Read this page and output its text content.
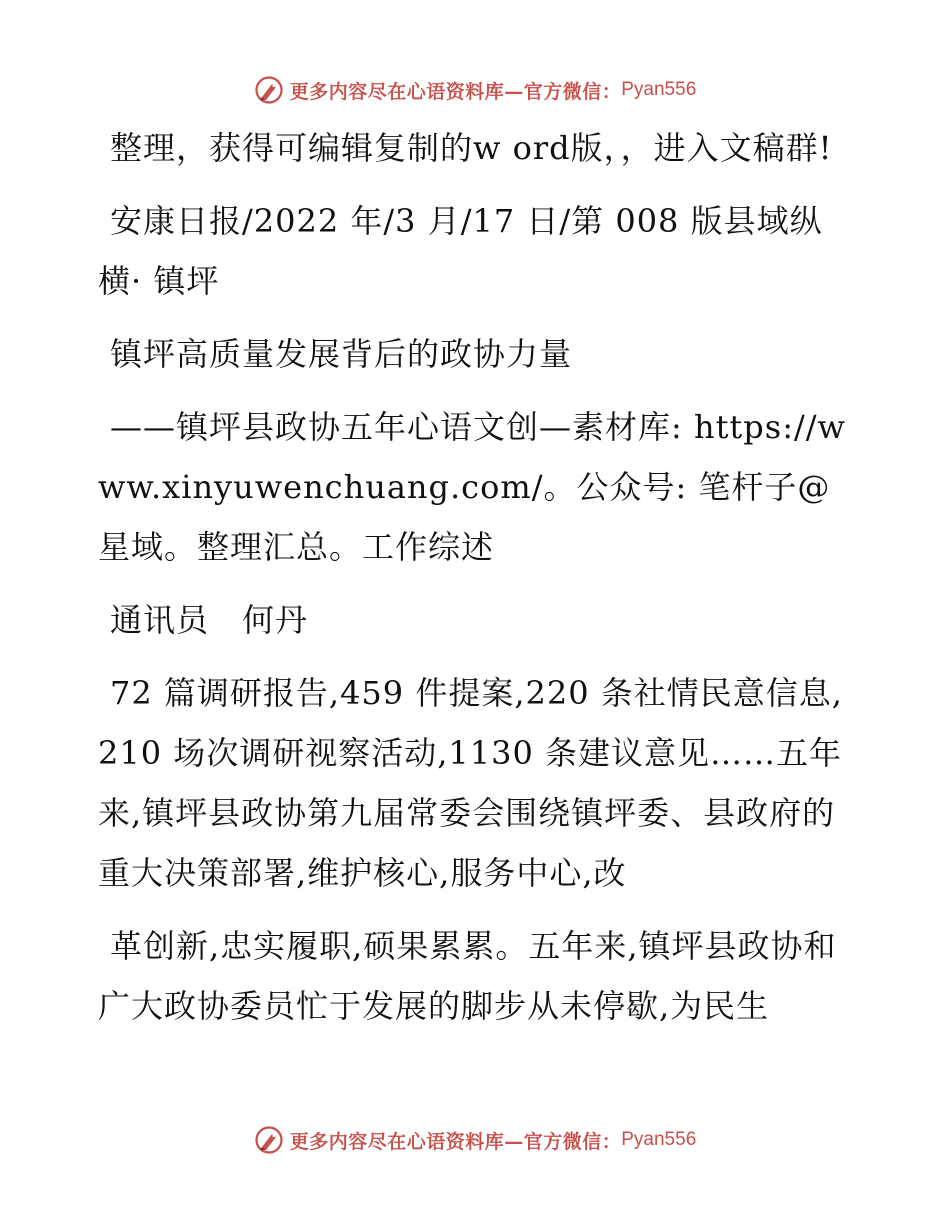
更多内容尽在心语资料库—官方微信： Pyan556

整理，获得可编辑复制的w ord版，，进入文稿群!

安康日报/2022 年/3 月/17 日/第 008 版县域纵横· 镇坪

镇坪高质量发展背后的政协力量

——镇坪县政协五年心语文创—素材库: https://www.xinyuwenchuang.com/。公众号: 笔杆子@星域。整理汇总。工作综述

通讯员　何丹

72 篇调研报告,459 件提案,220 条社情民意信息,210 场次调研视察活动,1130 条建议意见……五年来,镇坪县政协第九届常委会围绕镇坪委、县政府的重大决策部署,维护核心,服务中心,改

革创新,忠实履职,硕果累累。五年来,镇坪县政协和广大政协委员忙于发展的脚步从未停歇,为民生

更多内容尽在心语资料库—官方微信： Pyan556
